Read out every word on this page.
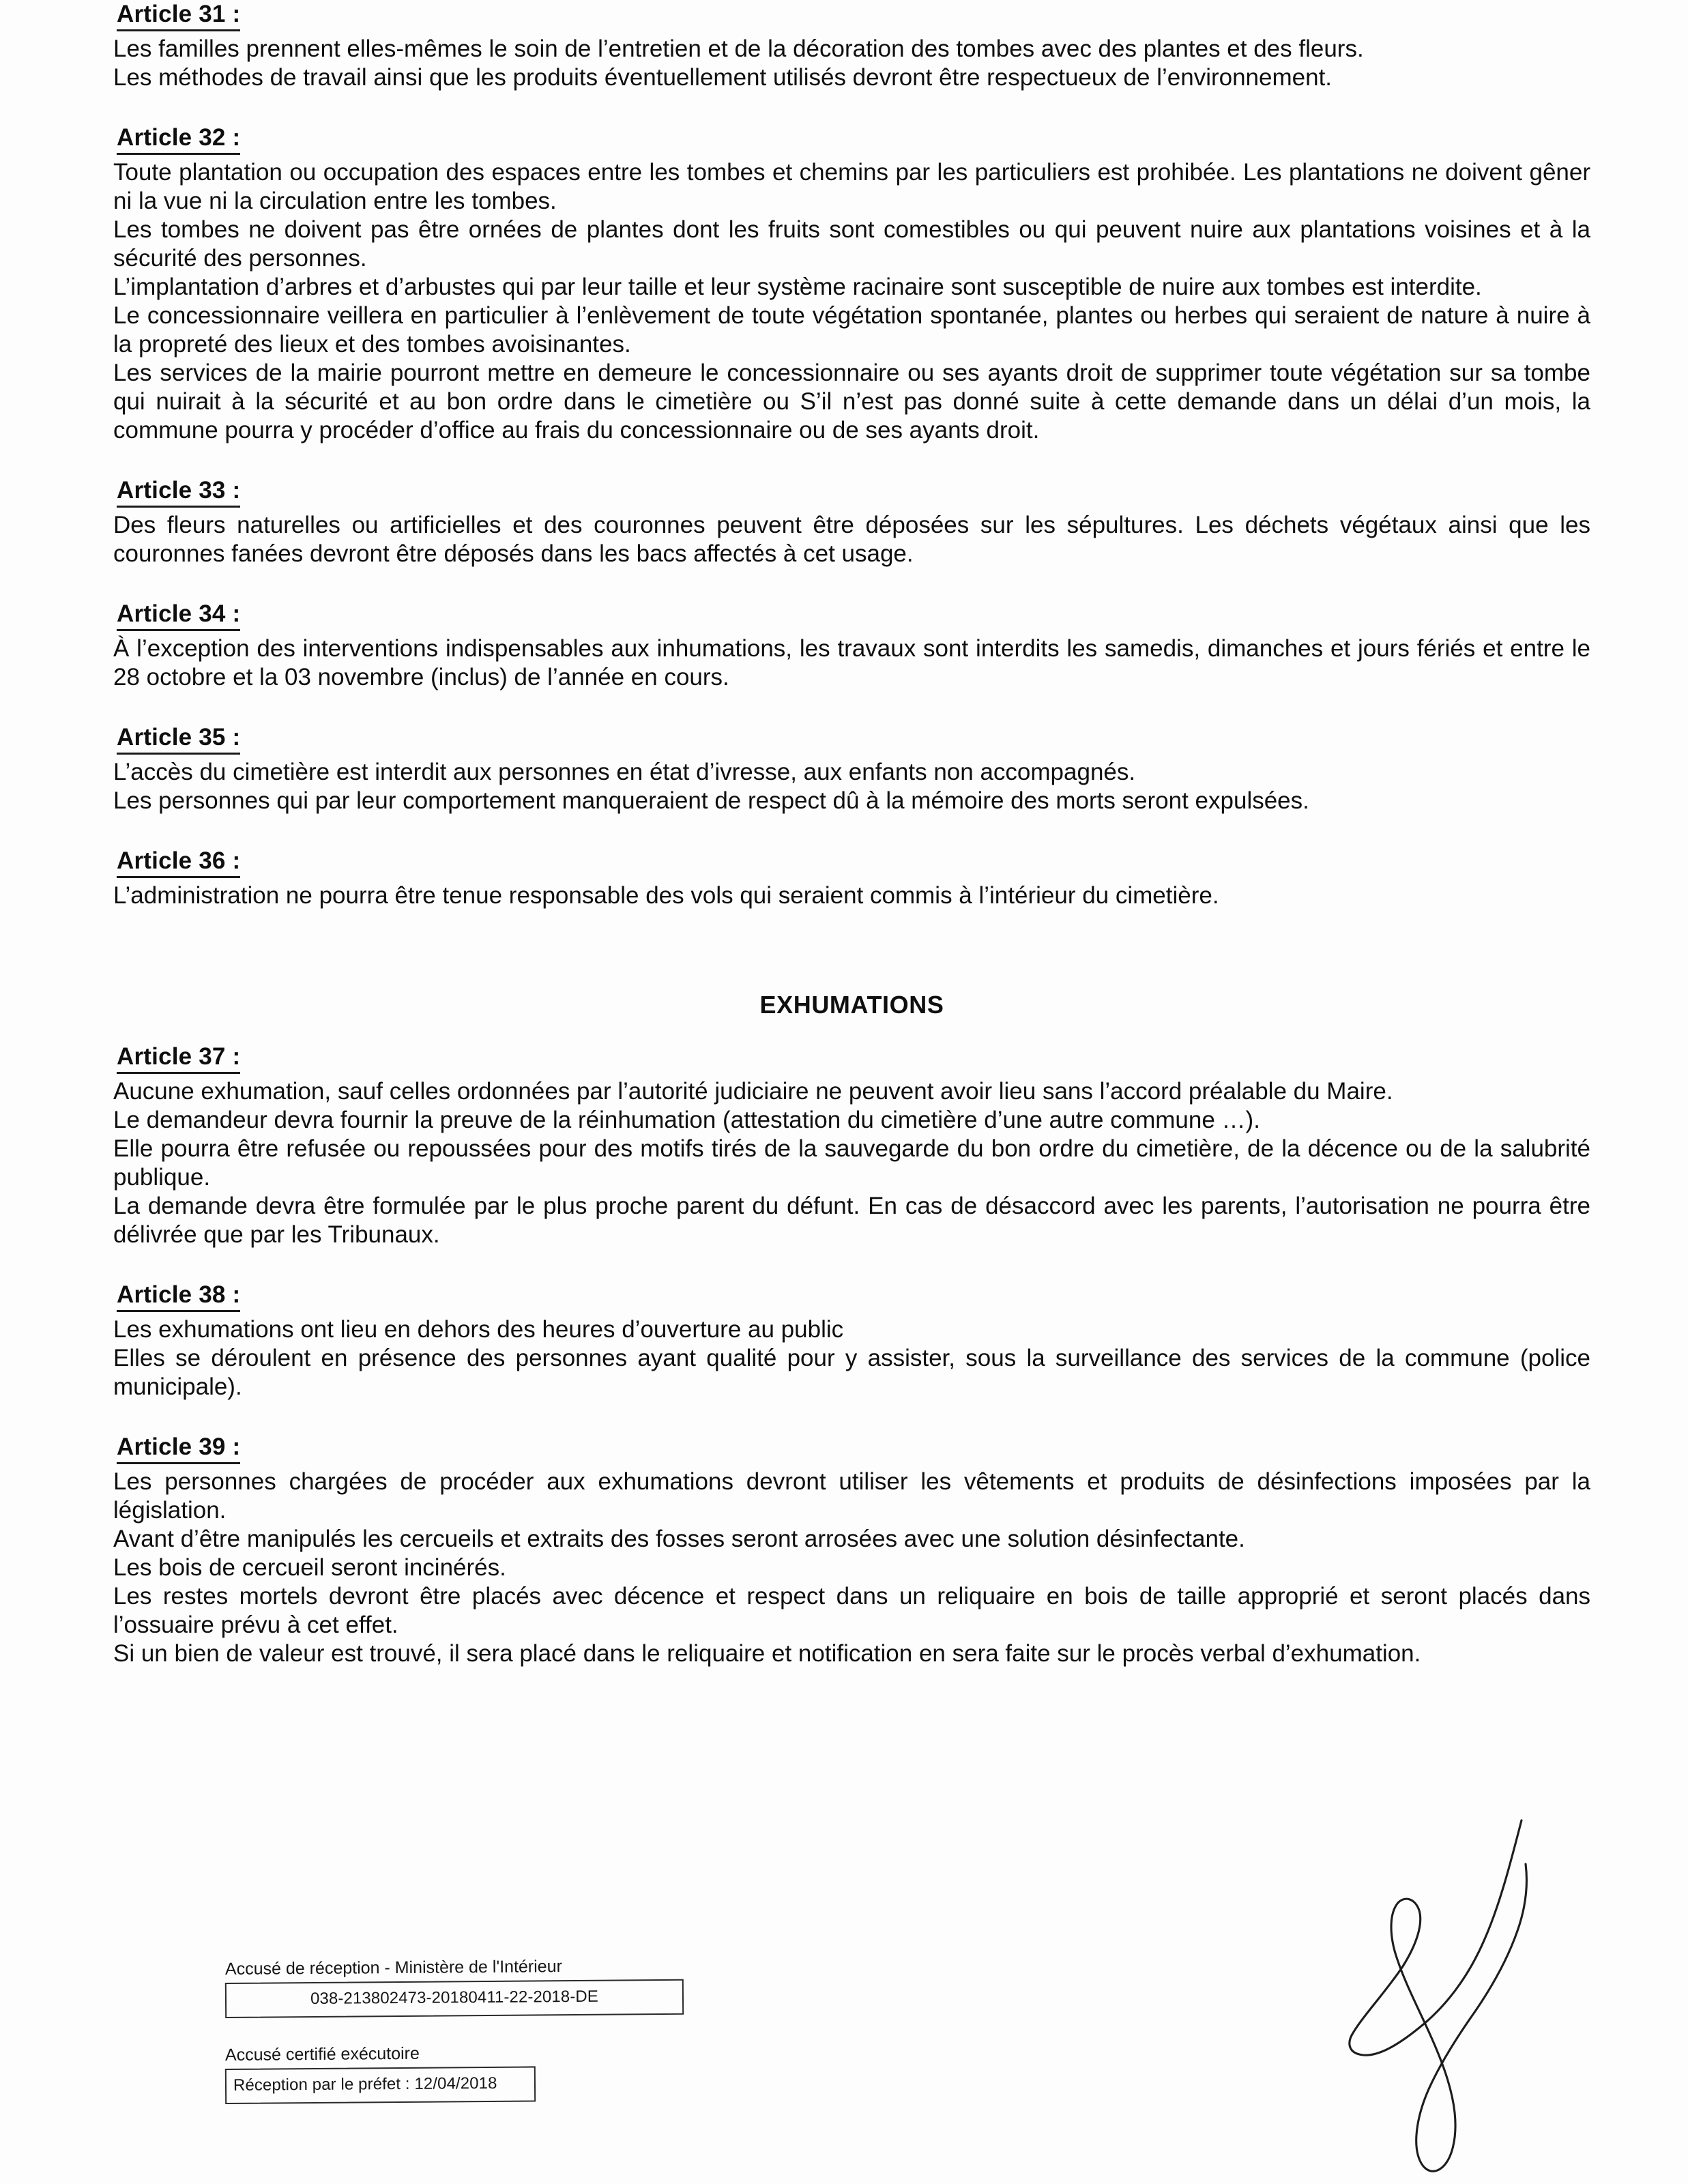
Article 31 :

Les familles prennent elles-mêmes le soin de l’entretien et de la décoration des tombes avec des plantes et des fleurs.

Les méthodes de travail ainsi que les produits éventuellement utilisés devront être respectueux de l’environnement.

Article 32 :

Toute plantation ou occupation des espaces entre les tombes et chemins par les particuliers est prohibée. Les plantations ne doivent gêner ni la vue ni la circulation entre les tombes.

Les tombes ne doivent pas être ornées de plantes dont les fruits sont comestibles ou qui peuvent nuire aux plantations voisines et à la sécurité des personnes.

L’implantation d’arbres et d’arbustes qui par leur taille et leur système racinaire sont susceptible de nuire aux tombes est interdite.

Le concessionnaire veillera en particulier à l’enlèvement de toute végétation spontanée, plantes ou herbes qui seraient de nature à nuire à la propreté des lieux et des tombes avoisinantes.

Les services de la mairie pourront mettre en demeure le concessionnaire ou ses ayants droit de supprimer toute végétation sur sa tombe qui nuirait à la sécurité et au bon ordre dans le cimetière ou S’il n’est pas donné suite à cette demande dans un délai d’un mois, la commune pourra y procéder d’office au frais du concessionnaire ou de ses ayants droit.

Article 33 :

Des fleurs naturelles ou artificielles et des couronnes peuvent être déposées sur les sépultures. Les déchets végétaux ainsi que les couronnes fanées devront être déposés dans les bacs affectés à cet usage.

Article 34 :

À l’exception des interventions indispensables aux inhumations, les travaux sont interdits les samedis, dimanches et jours fériés et entre le 28 octobre et la 03 novembre (inclus) de l’année en cours.

Article 35 :

L’accès du cimetière est interdit aux personnes en état d’ivresse, aux enfants non accompagnés.

Les personnes qui par leur comportement manqueraient de respect dû à la mémoire des morts seront expulsées.

Article 36 :

L’administration ne pourra être tenue responsable des vols qui seraient commis à l’intérieur du cimetière.

EXHUMATIONS

Article 37 :

Aucune exhumation, sauf celles ordonnées par l’autorité judiciaire ne peuvent avoir lieu sans l’accord préalable du Maire.

Le demandeur devra fournir la preuve de la réinhumation (attestation du cimetière d’une autre commune …).

Elle pourra être refusée ou repoussées pour des motifs tirés de la sauvegarde du bon ordre du cimetière, de la décence ou de la salubrité publique.

La demande devra être formulée par le plus proche parent du défunt. En cas de désaccord avec les parents, l’autorisation ne pourra être délivrée que par les Tribunaux.

Article 38 :

Les exhumations ont lieu en dehors des heures d’ouverture au public

Elles se déroulent en présence des personnes ayant qualité pour y assister, sous la surveillance des services de la commune (police municipale).

Article 39 :

Les personnes chargées de procéder aux exhumations devront utiliser les vêtements et produits de désinfections imposées par la législation.

Avant d’être manipulés les cercueils et extraits des fosses seront arrosées avec une solution désinfectante.

Les bois de cercueil seront incinérés.

Les restes mortels devront être placés avec décence et respect dans un reliquaire en bois de taille approprié et seront placés dans l’ossuaire prévu à cet effet.

Si un bien de valeur est trouvé, il sera placé dans le reliquaire et notification en sera faite sur le procès verbal d’exhumation.

Accusé de réception - Ministère de l'Intérieur
038-213802473-20180411-22-2018-DE
Accusé certifié exécutoire
Réception par le préfet : 12/04/2018
